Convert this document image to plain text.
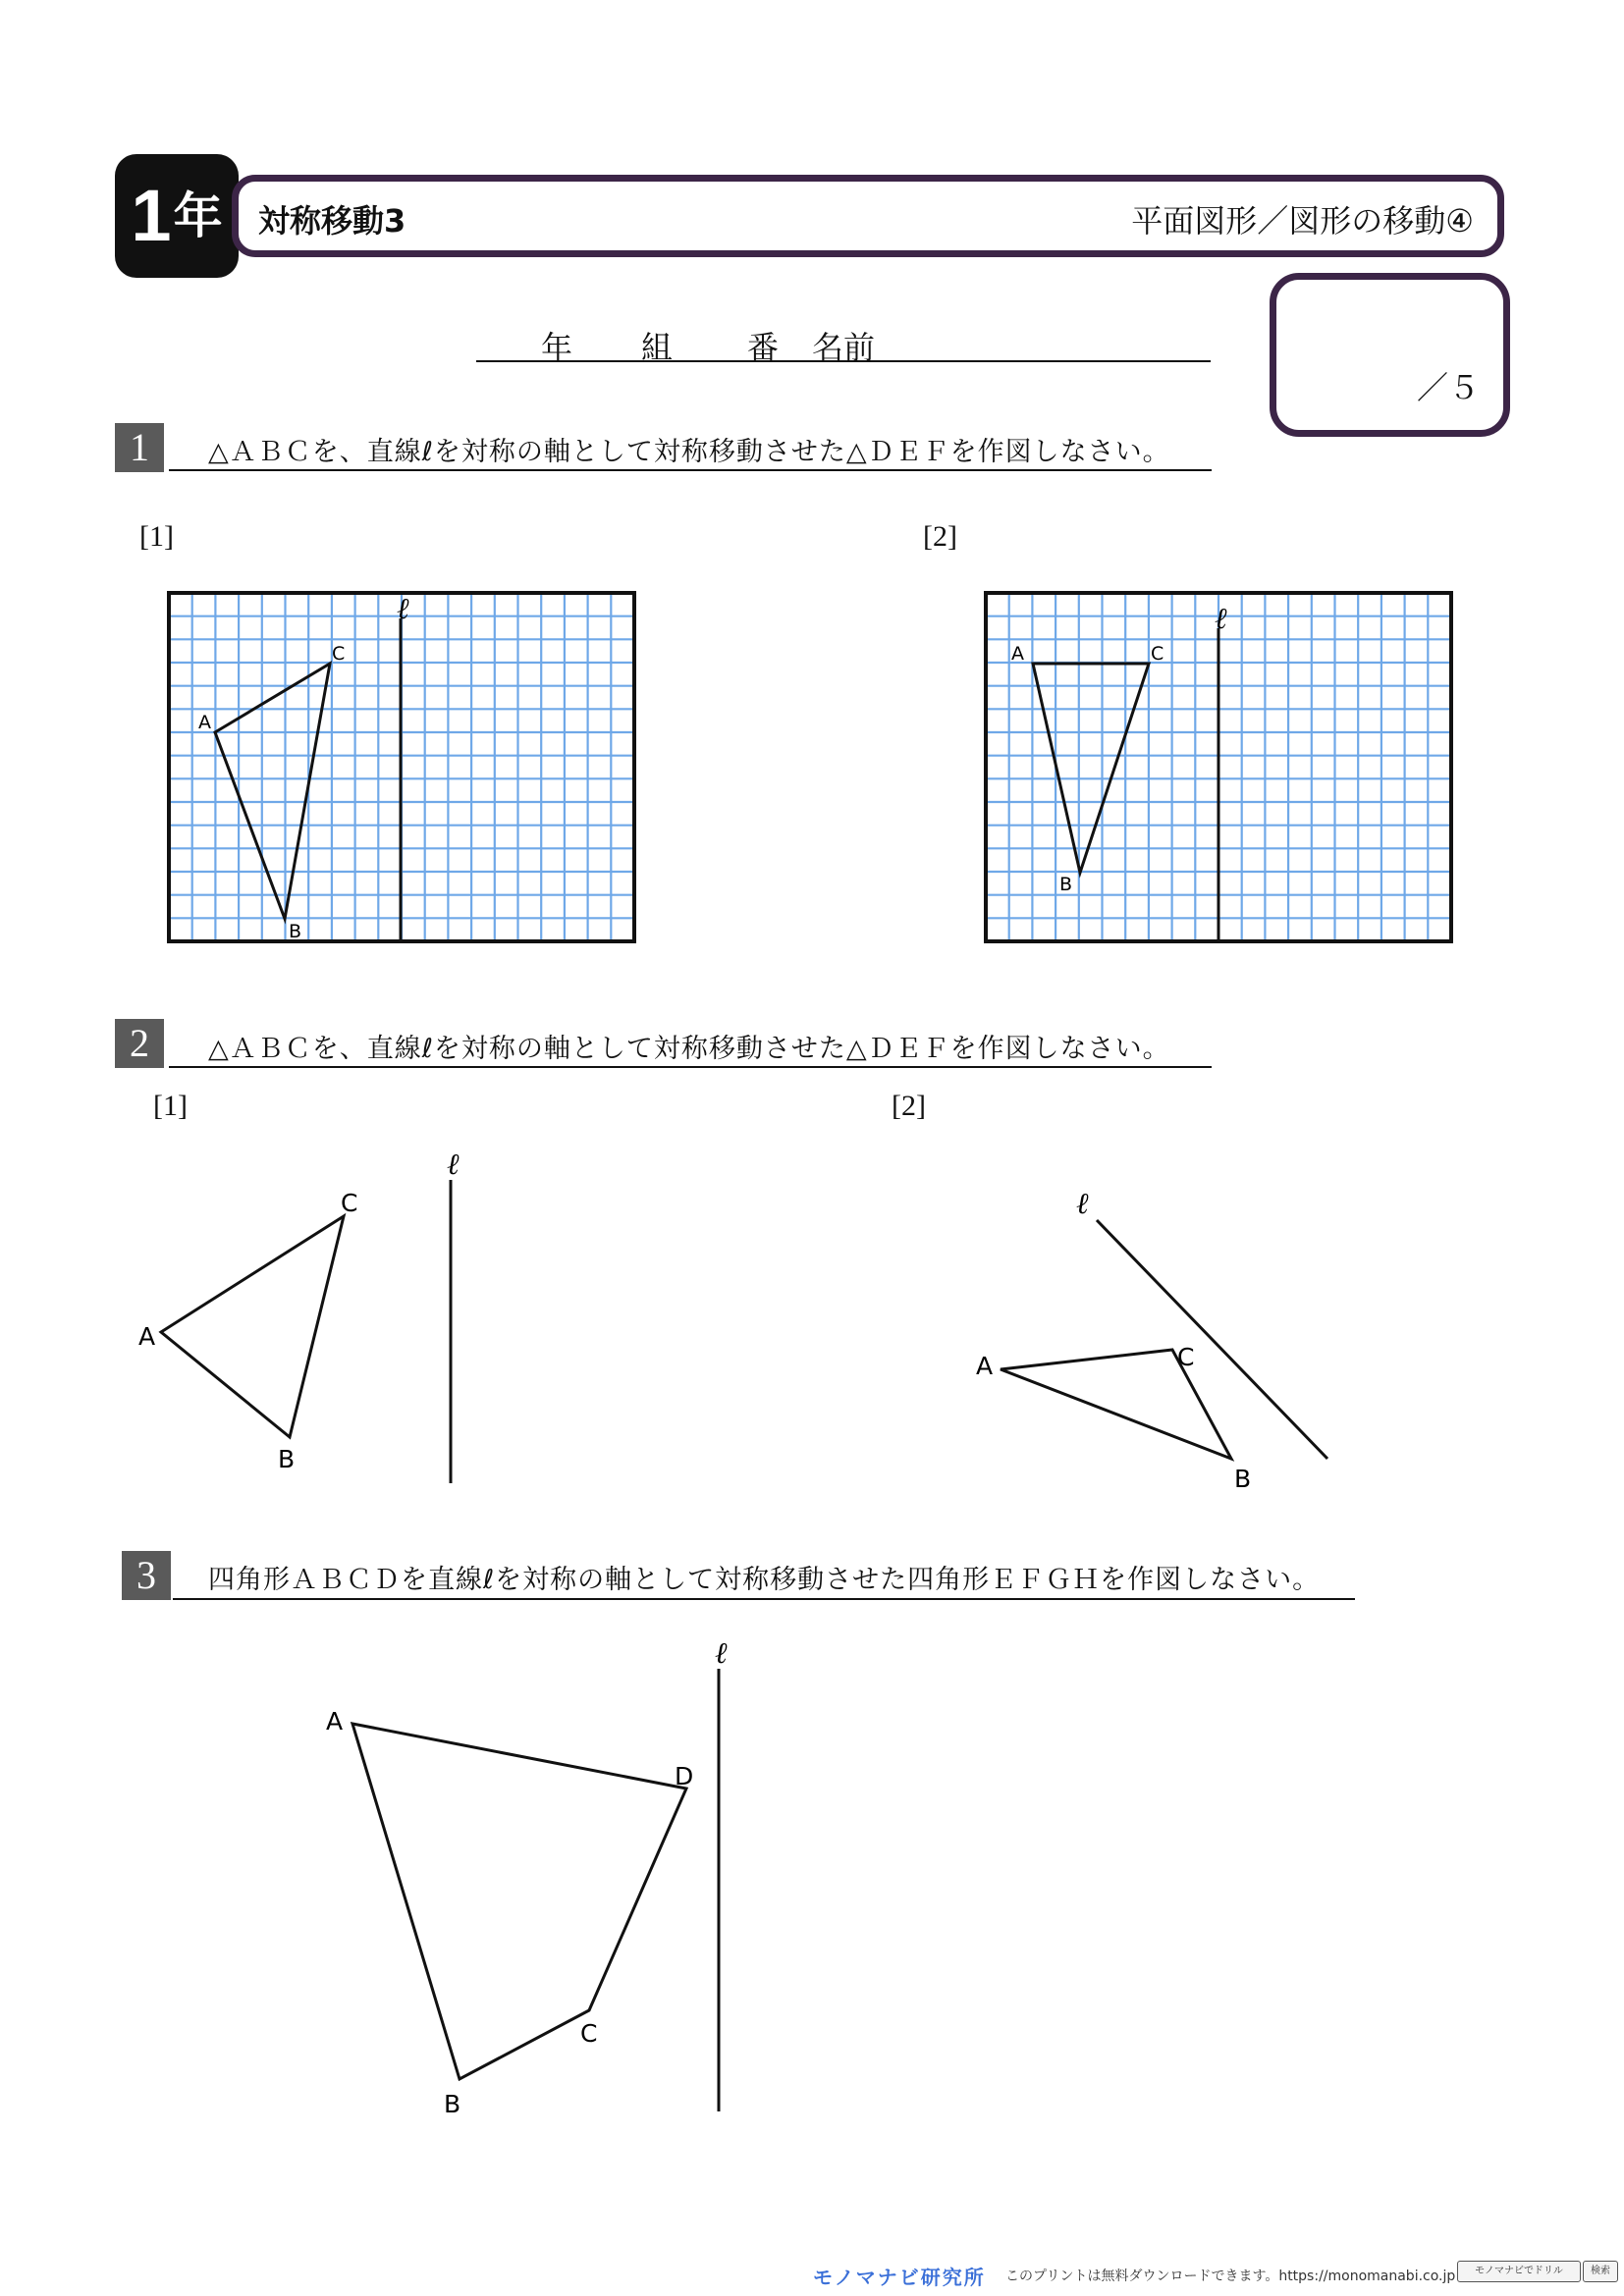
1 年 対称移動3	平面図形／図形の移動④
／５
年 組 番 名前
1	△ＡＢＣを、直線ℓを対称の軸として対称移動させた△ＤＥＦを作図しなさい。
[1]	[2]
2	△ＡＢＣを、直線ℓを対称の軸として対称移動させた△ＤＥＦを作図しなさい。
[1]	[2]
3	四角形ＡＢＣＤを直線ℓを対称の軸として対称移動させた四角形ＥＦＧＨを作図しなさい。
ℓ
A
B
C
ℓ
A
B
C
ℓ
A
B
C	ℓ
A
B
C
ℓ
A
B
C
D
モノマナビ研究所 このプリントは無料ダウンロードできます。https://monomanabi.co.jp	モノマナビでドリル	検索
